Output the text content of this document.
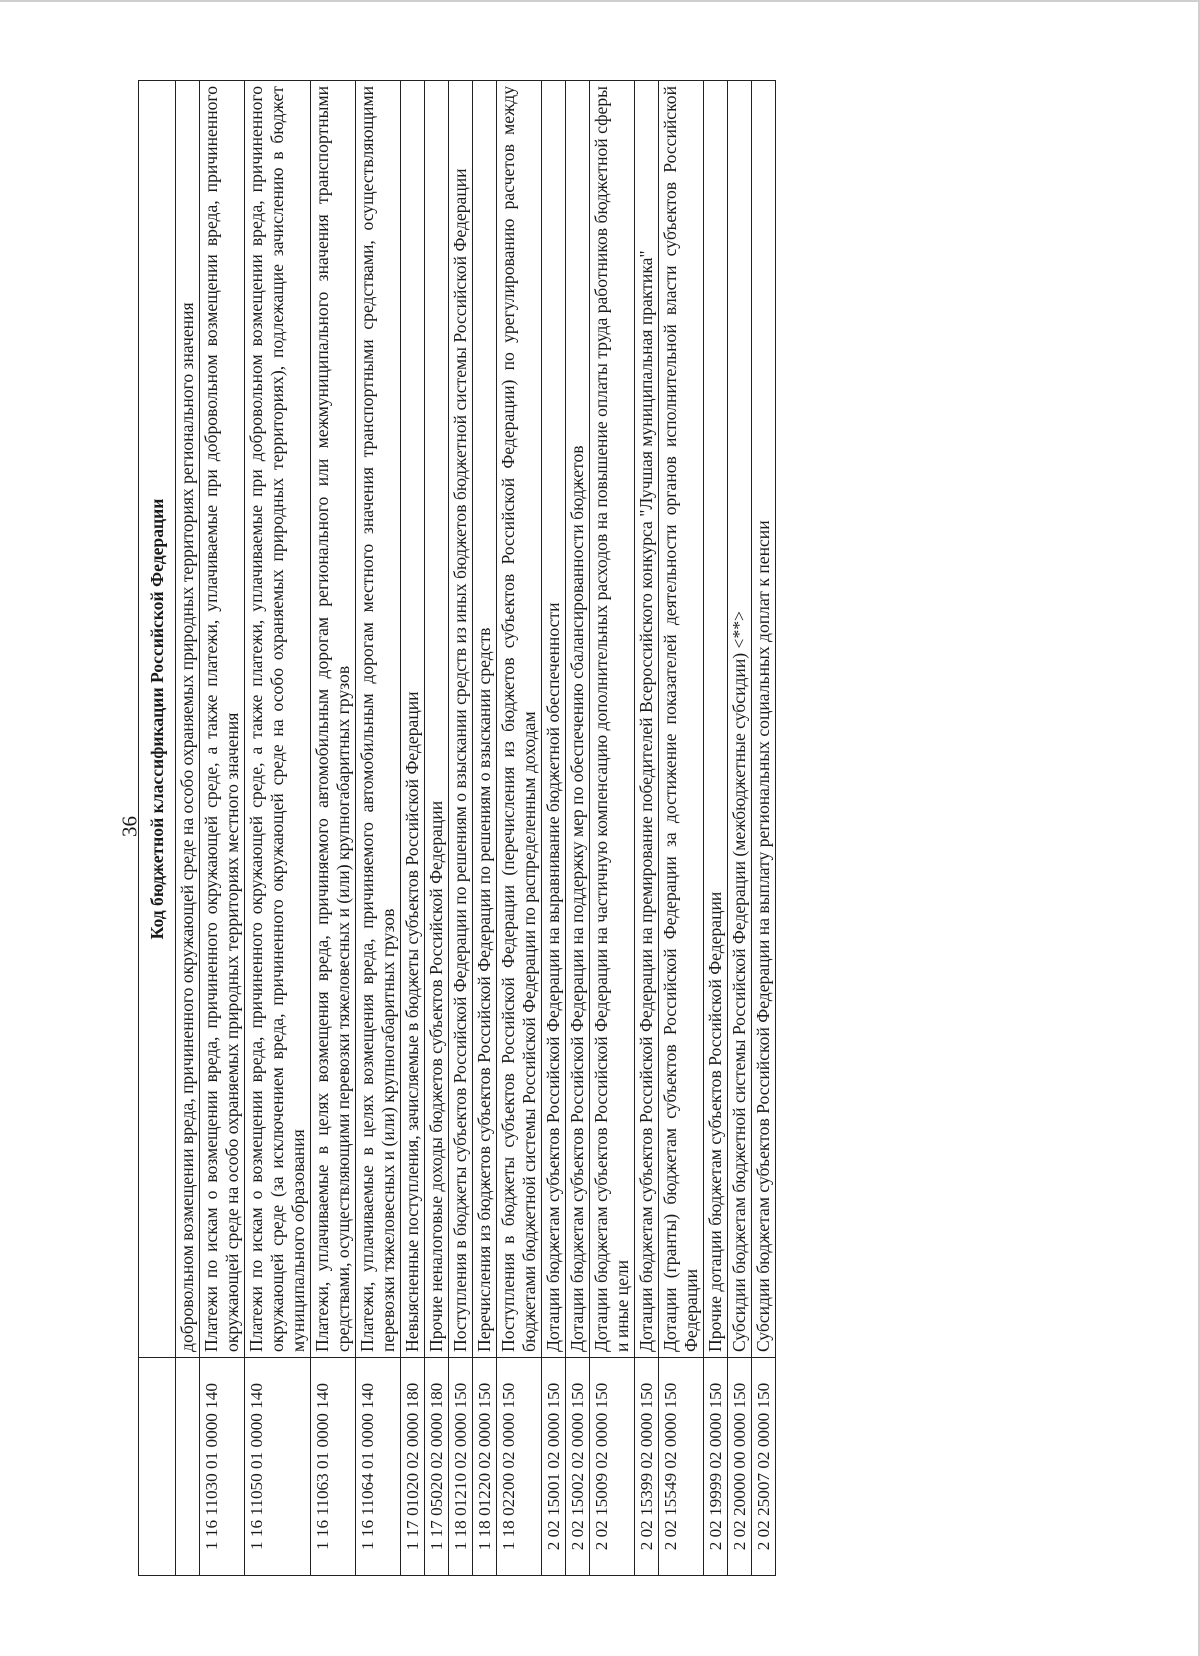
36
	Код бюджетной классификации Российской Федерации
	добровольном возмещении вреда, причиненного окружающей среде на особо охраняемых природных территориях регионального значения
1 16 11030 01 0000 140	Платежи по искам о возмещении вреда, причиненного окружающей среде, а также платежи, уплачиваемые при добровольном возмещении вреда, причиненного окружающей среде на особо охраняемых природных территориях местного значения
1 16 11050 01 0000 140	Платежи по искам о возмещении вреда, причиненного окружающей среде, а также платежи, уплачиваемые при добровольном возмещении вреда, причиненного окружающей среде (за исключением вреда, причиненного окружающей среде на особо охраняемых природных территориях), подлежащие зачислению в бюджет муниципального образования
1 16 11063 01 0000 140	Платежи, уплачиваемые в целях возмещения вреда, причиняемого автомобильным дорогам регионального или межмуниципального значения транспортными средствами, осуществляющими перевозки тяжеловесных и (или) крупногабаритных грузов
1 16 11064 01 0000 140	Платежи, уплачиваемые в целях возмещения вреда, причиняемого автомобильным дорогам местного значения транспортными средствами, осуществляющими перевозки тяжеловесных и (или) крупногабаритных грузов
1 17 01020 02 0000 180	Невыясненные поступления, зачисляемые в бюджеты субъектов Российской Федерации
1 17 05020 02 0000 180	Прочие неналоговые доходы бюджетов субъектов Российской Федерации
1 18 01210 02 0000 150	Поступления в бюджеты субъектов Российской Федерации по решениям о взыскании средств из иных бюджетов бюджетной системы Российской Федерации
1 18 01220 02 0000 150	Перечисления из бюджетов субъектов Российской Федерации по решениям о взыскании средств
1 18 02200 02 0000 150	Поступления в бюджеты субъектов Российской Федерации (перечисления из бюджетов субъектов Российской Федерации) по урегулированию расчетов между бюджетами бюджетной системы Российской Федерации по распределенным доходам
2 02 15001 02 0000 150	Дотации бюджетам субъектов Российской Федерации на выравнивание бюджетной обеспеченности
2 02 15002 02 0000 150	Дотации бюджетам субъектов Российской Федерации на поддержку мер по обеспечению сбалансированности бюджетов
2 02 15009 02 0000 150	Дотации бюджетам субъектов Российской Федерации на частичную компенсацию дополнительных расходов на повышение оплаты труда работников бюджетной сферы и иные цели
2 02 15399 02 0000 150	Дотации бюджетам субъектов Российской Федерации на премирование победителей Всероссийского конкурса "Лучшая муниципальная практика"
2 02 15549 02 0000 150	Дотации (гранты) бюджетам субъектов Российской Федерации за достижение показателей деятельности органов исполнительной власти субъектов Российской Федерации
2 02 19999 02 0000 150	Прочие дотации бюджетам субъектов Российской Федерации
2 02 20000 00 0000 150	Субсидии бюджетам бюджетной системы Российской Федерации (межбюджетные субсидии) <**>
2 02 25007 02 0000 150	Субсидии бюджетам субъектов Российской Федерации на выплату региональных социальных доплат к пенсии
